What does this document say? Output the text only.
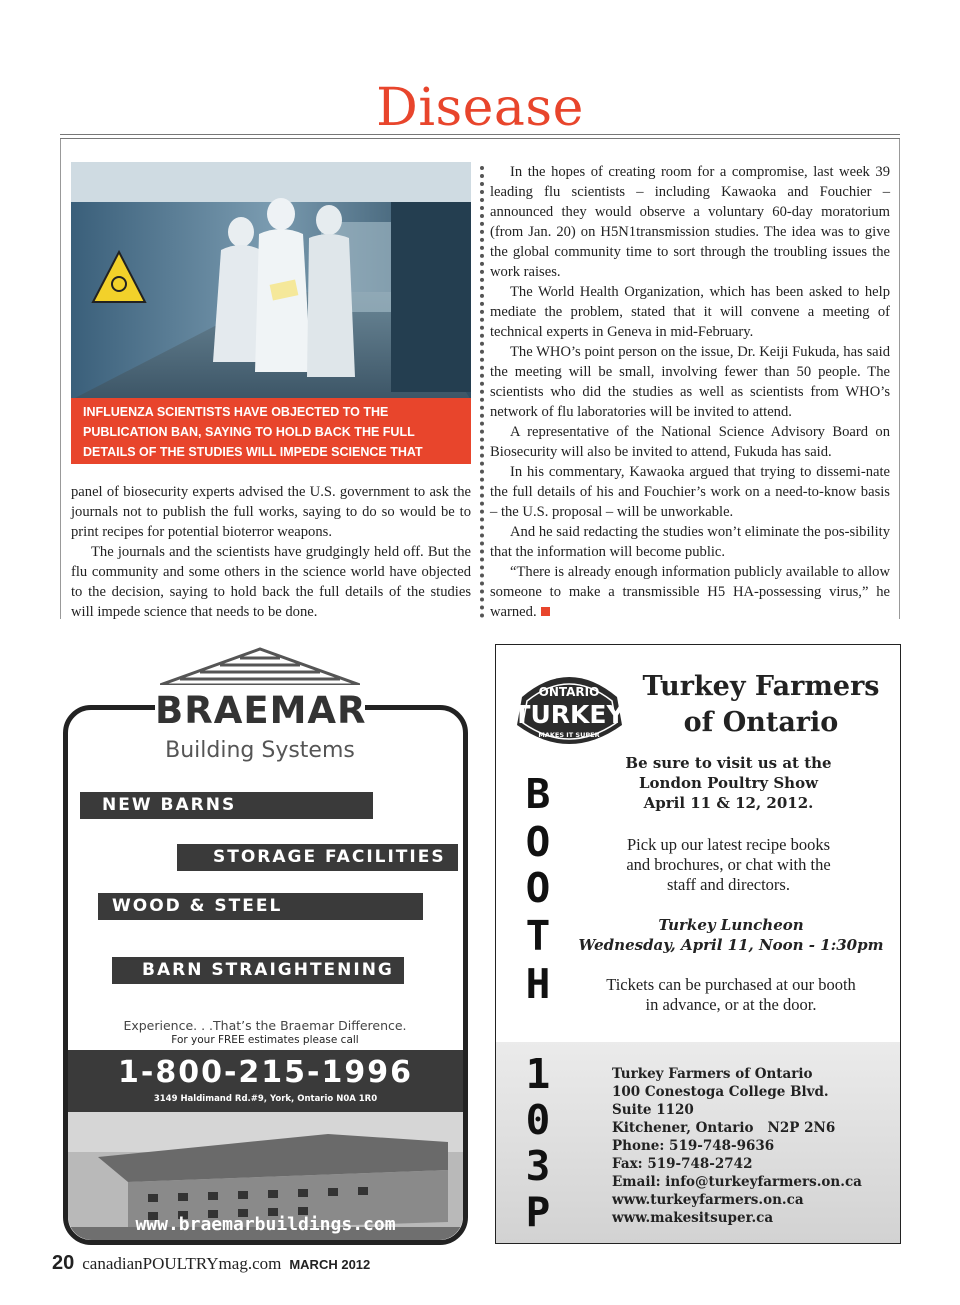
Disease
INFLUENZA SCIENTISTS HAVE OBJECTED TO THE PUBLICATION BAN, SAYING TO HOLD BACK THE FULL DETAILS OF THE STUDIES WILL IMPEDE SCIENCE THAT NEEDS TO BE DONE.

panel of biosecurity experts advised the U.S. government to ask the journals not to publish the full works, saying to do so would be to print recipes for potential bioterror weapons.

The journals and the scientists have grudgingly held off. But the flu community and some others in the science world have objected to the decision, saying to hold back the full details of the studies will impede science that needs to be done.

In the hopes of creating room for a compromise, last week 39 leading flu scientists – including Kawaoka and Fouchier – announced they would observe a voluntary 60-day moratorium (from Jan. 20) on H5N1transmission studies. The idea was to give the global community time to sort through the troubling issues the work raises.

The World Health Organization, which has been asked to help mediate the problem, stated that it will convene a meeting of technical experts in Geneva in mid-February.

The WHO’s point person on the issue, Dr. Keiji Fukuda, has said the meeting will be small, involving fewer than 50 people. The scientists who did the studies as well as scientists from WHO’s network of flu laboratories will be invited to attend.

A representative of the National Science Advisory Board on Biosecurity will also be invited to attend, Fukuda has said.

In his commentary, Kawaoka argued that trying to dissemi-nate the full details of his and Fouchier’s work on a need-to-know basis – the U.S. proposal – will be unworkable.

And he said redacting the studies won’t eliminate the pos-sibility that the information will become public.

“There is already enough information publicly available to allow someone to make a transmissible H5 HA-possessing virus,” he warned.

BRAEMAR
Building Systems
NEW BARNS
STORAGE FACILITIES
WOOD & STEEL STRUCTURES
BARN STRAIGHTENING
Experience. . .That’s the Braemar Difference.
For your FREE estimates please call
1-800-215-1996
3149 Haldimand Rd.#9, York, Ontario N0A 1R0
www.braemarbuildings.com
ONTARIO
TURKEY
MAKES IT SUPER
Turkey Farmers
of Ontario
Be sure to visit us at the
London Poultry Show
April 11 & 12, 2012.
Pick up our latest recipe books
and brochures, or chat with the
staff and directors.
Turkey Luncheon
Wednesday, April 11, Noon - 1:30pm
Tickets can be purchased at our booth
in advance, or at the door.
B
O
O
T
H
1
0
3
P
Turkey Farmers of Ontario
100 Conestoga College Blvd.
Suite 1120
Kitchener, Ontario   N2P 2N6
Phone: 519-748-9636
Fax: 519-748-2742
Email: info@turkeyfarmers.on.ca
www.turkeyfarmers.on.ca
www.makesitsuper.ca
20 canadianPOULTRYmag.com MARCH 2012
